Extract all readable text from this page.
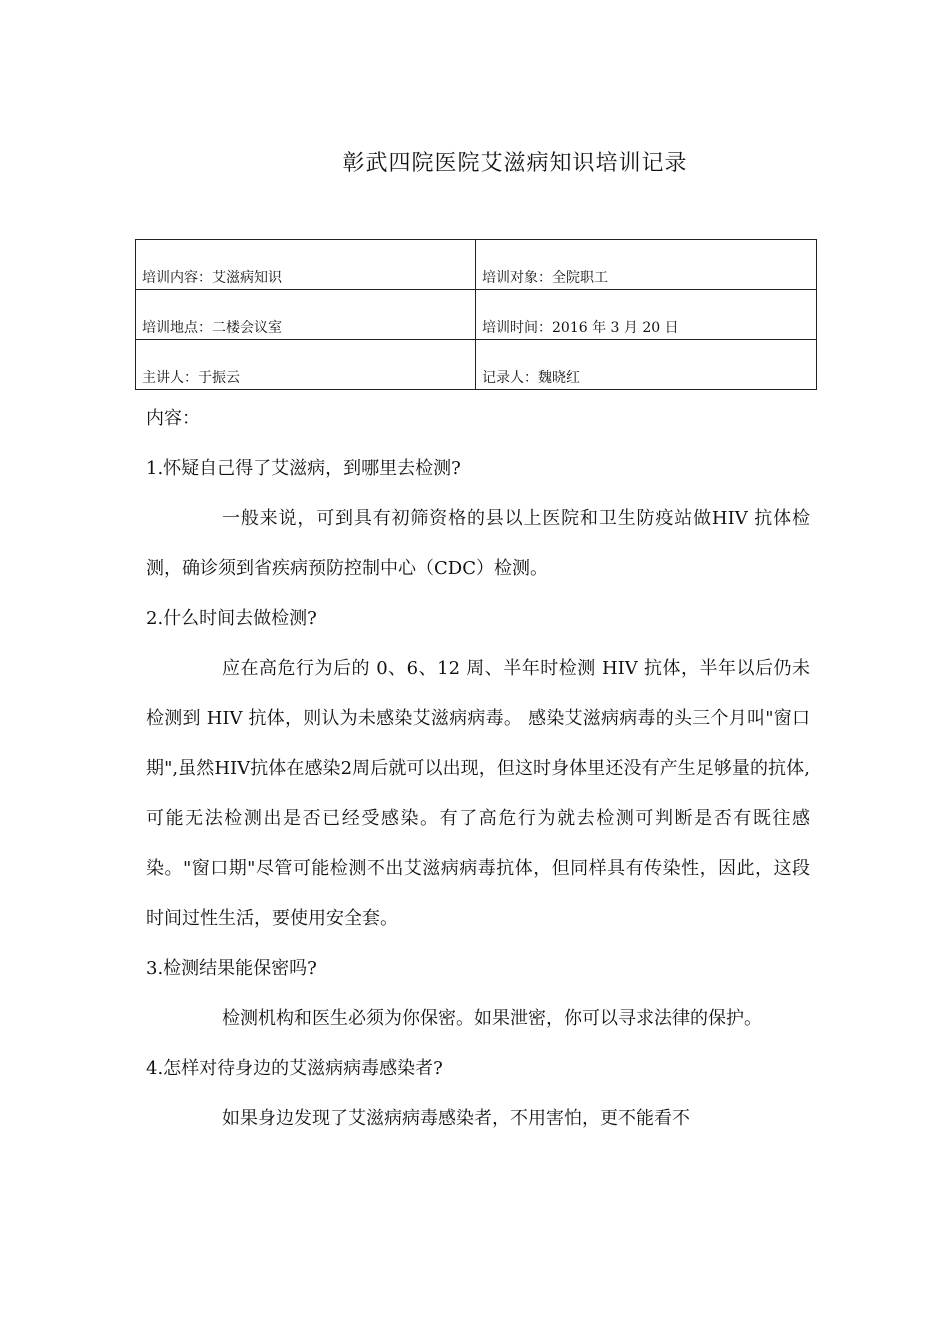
彰武四院医院艾滋病知识培训记录
培训内容：艾滋病知识	培训对象：全院职工
培训地点：二楼会议室	培训时间：2016 年 3 月 20 日
主讲人：于振云	记录人：魏晓红

内容：

1.怀疑自己得了艾滋病，到哪里去检测?

一般来说，可到具有初筛资格的县以上医院和卫生防疫站做HIV 抗体检测，确诊须到省疾病预防控制中心（CDC）检测。

2.什么时间去做检测?

应在高危行为后的 0、6、12 周、半年时检测 HIV 抗体，半年以后仍未检测到 HIV 抗体，则认为未感染艾滋病病毒。 感染艾滋病病毒的头三个月叫"窗口期",虽然HIV抗体在感染2周后就可以出现，但这时身体里还没有产生足够量的抗体,可能无法检测出是否已经受感染。有了高危行为就去检测可判断是否有既往感染。"窗口期"尽管可能检测不出艾滋病病毒抗体，但同样具有传染性，因此，这段时间过性生活，要使用安全套。

3.检测结果能保密吗?

检测机构和医生必须为你保密。如果泄密，你可以寻求法律的保护。

4.怎样对待身边的艾滋病病毒感染者?

如果身边发现了艾滋病病毒感染者，不用害怕，更不能看不
